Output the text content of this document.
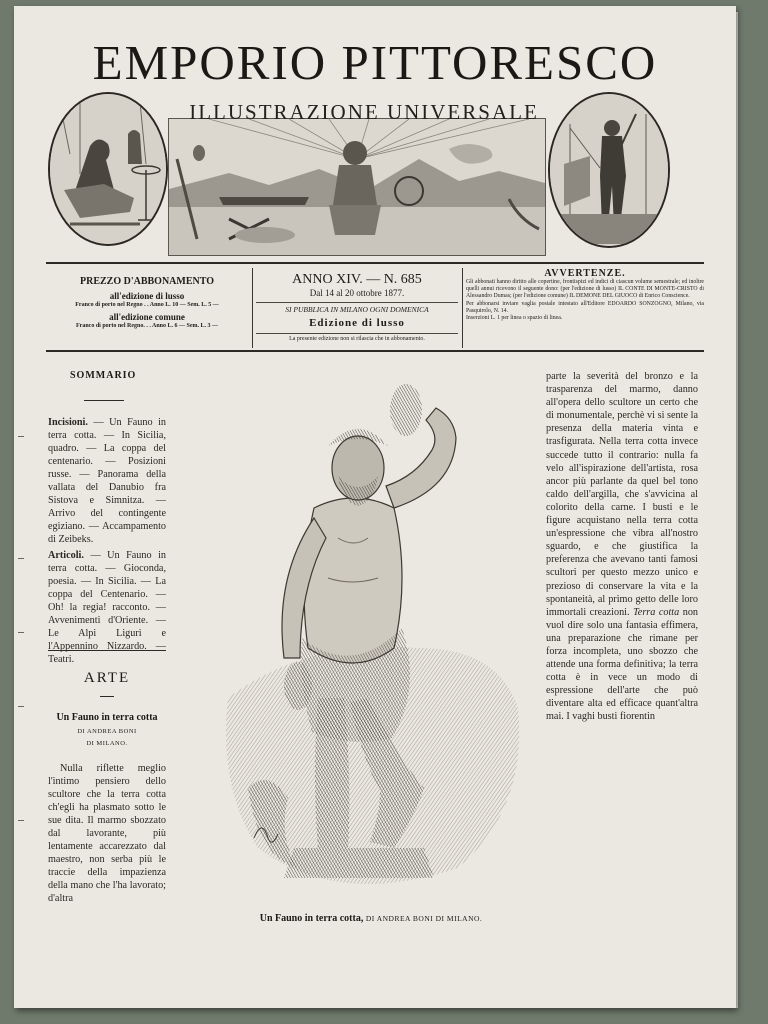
EMPORIO PITTORESCO
ILLUSTRAZIONE UNIVERSALE
PREZZO D'ABBONAMENTO
all'edizione di lusso
Franco di porto nel Regno . . Anno L. 10 — Sem. L. 5 —
all'edizione comune
Franco di porto nel Regno. . . Anno L. 6 — Sem. L. 3 —
ANNO XIV. — N. 685
Dal 14 al 20 ottobre 1877.
SI PUBBLICA IN MILANO OGNI DOMENICA
Edizione di lusso
La presente edizione non si rilascia che in abbonamento.
AVVERTENZE.
Gli abbonati hanno diritto alle copertine, frontispizi ed indici di ciascun volume semestrale; ed inoltre quelli annui ricevono il seguente dono: (per l'edizione di lusso) IL CONTE DI MONTE-CRISTO di Alessandro Dumas; (per l'edizione comune) IL DEMONE DEL GIUOCO di Enrico Conscience.
Per abbonarsi inviare vaglia postale intestato all'Editore EDOARDO SONZOGNO, Milano, via Pasquirolo, N. 14.
Inserzioni L. 1 per linea o spazio di linea.
SOMMARIO

Incisioni. — Un Fauno in terra cotta. — In Sicilia, quadro. — La coppa del centenario. — Posizioni russe. — Panorama della vallata del Danubio fra Sistova e Simnitza. — Arrivo del contingente egiziano. — Accampamento di Zeibeks.

Articoli. — Un Fauno in terra cotta. — Gioconda, poesia. — In Sicilia. — La coppa del Centenario. — Oh! la regia! racconto. — Avvenimenti d'Oriente. — Le Alpi Liguri e l'Appennino Nizzardo. — Teatri.

ARTE
Un Fauno in terra cotta
DI ANDREA BONI
DI MILANO.
Nulla riflette meglio l'intimo pensiero dello scultore che la terra cotta ch'egli ha plasmato sotto le sue dita. Il marmo sbozzato dal lavorante, più lentamente accarezzato dal maestro, non serba più le traccie della impazienza della mano che l'ha lavorato; d'altra
Un Fauno in terra cotta, DI ANDREA BONI DI MILANO.
parte la severità del bronzo e la trasparenza del marmo, danno all'opera dello scultore un certo che di monumentale, perchè vi si sente la presenza della materia vinta e trasfigurata. Nella terra cotta invece succede tutto il contrario: nulla fa velo all'ispirazione dell'artista, rosa ancor più parlante da quel bel tono caldo dell'argilla, che s'avvicina al colorito della carne. I busti e le figure acquistano nella terra cotta un'espressione che vibra all'nostro sguardo, e che giustifica la preferenza che avevano tanti famosi scultori per questo mezzo unico e prezioso di conservare la vita e la spontaneità, al primo getto delle loro immortali creazioni. Terra cotta non vuol dire solo una fantasia effimera, una preparazione che rimane per forza incompleta, uno sbozzo che attende una forma definitiva; la terra cotta è in vece un modo di espressione dell'arte che può diventare alta ed efficace quant'altra mai. I vaghi busti fiorentin
